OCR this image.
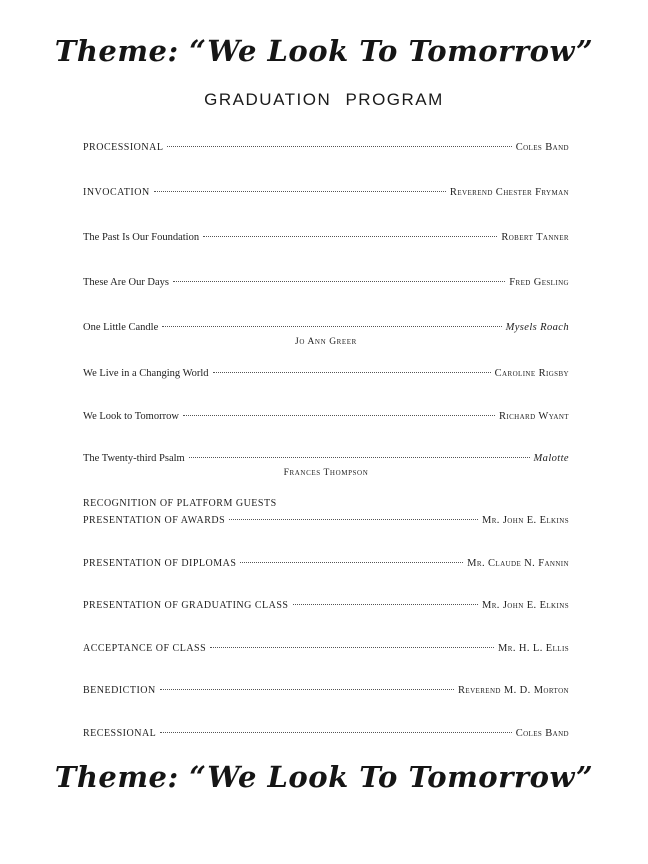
Theme: “We Look To Tomorrow”
GRADUATION PROGRAM
PROCESSIONAL	Coles Band
INVOCATION	Reverend Chester Fryman
The Past Is Our Foundation	Robert Tanner
These Are Our Days	Fred Gesling
One Little Candle	Mysels Roach
Jo Ann Greer
We Live in a Changing World	Caroline Rigsby
We Look to Tomorrow	Richard Wyant
The Twenty-third Psalm	Malotte
Frances Thompson
RECOGNITION OF PLATFORM GUESTS
PRESENTATION OF AWARDS	Mr. John E. Elkins
PRESENTATION OF DIPLOMAS	Mr. Claude N. Fannin
PRESENTATION OF GRADUATING CLASS	Mr. John E. Elkins
ACCEPTANCE OF CLASS	Mr. H. L. Ellis
BENEDICTION	Reverend M. D. Morton
RECESSIONAL	Coles Band
Theme: “We Look To Tomorrow”
